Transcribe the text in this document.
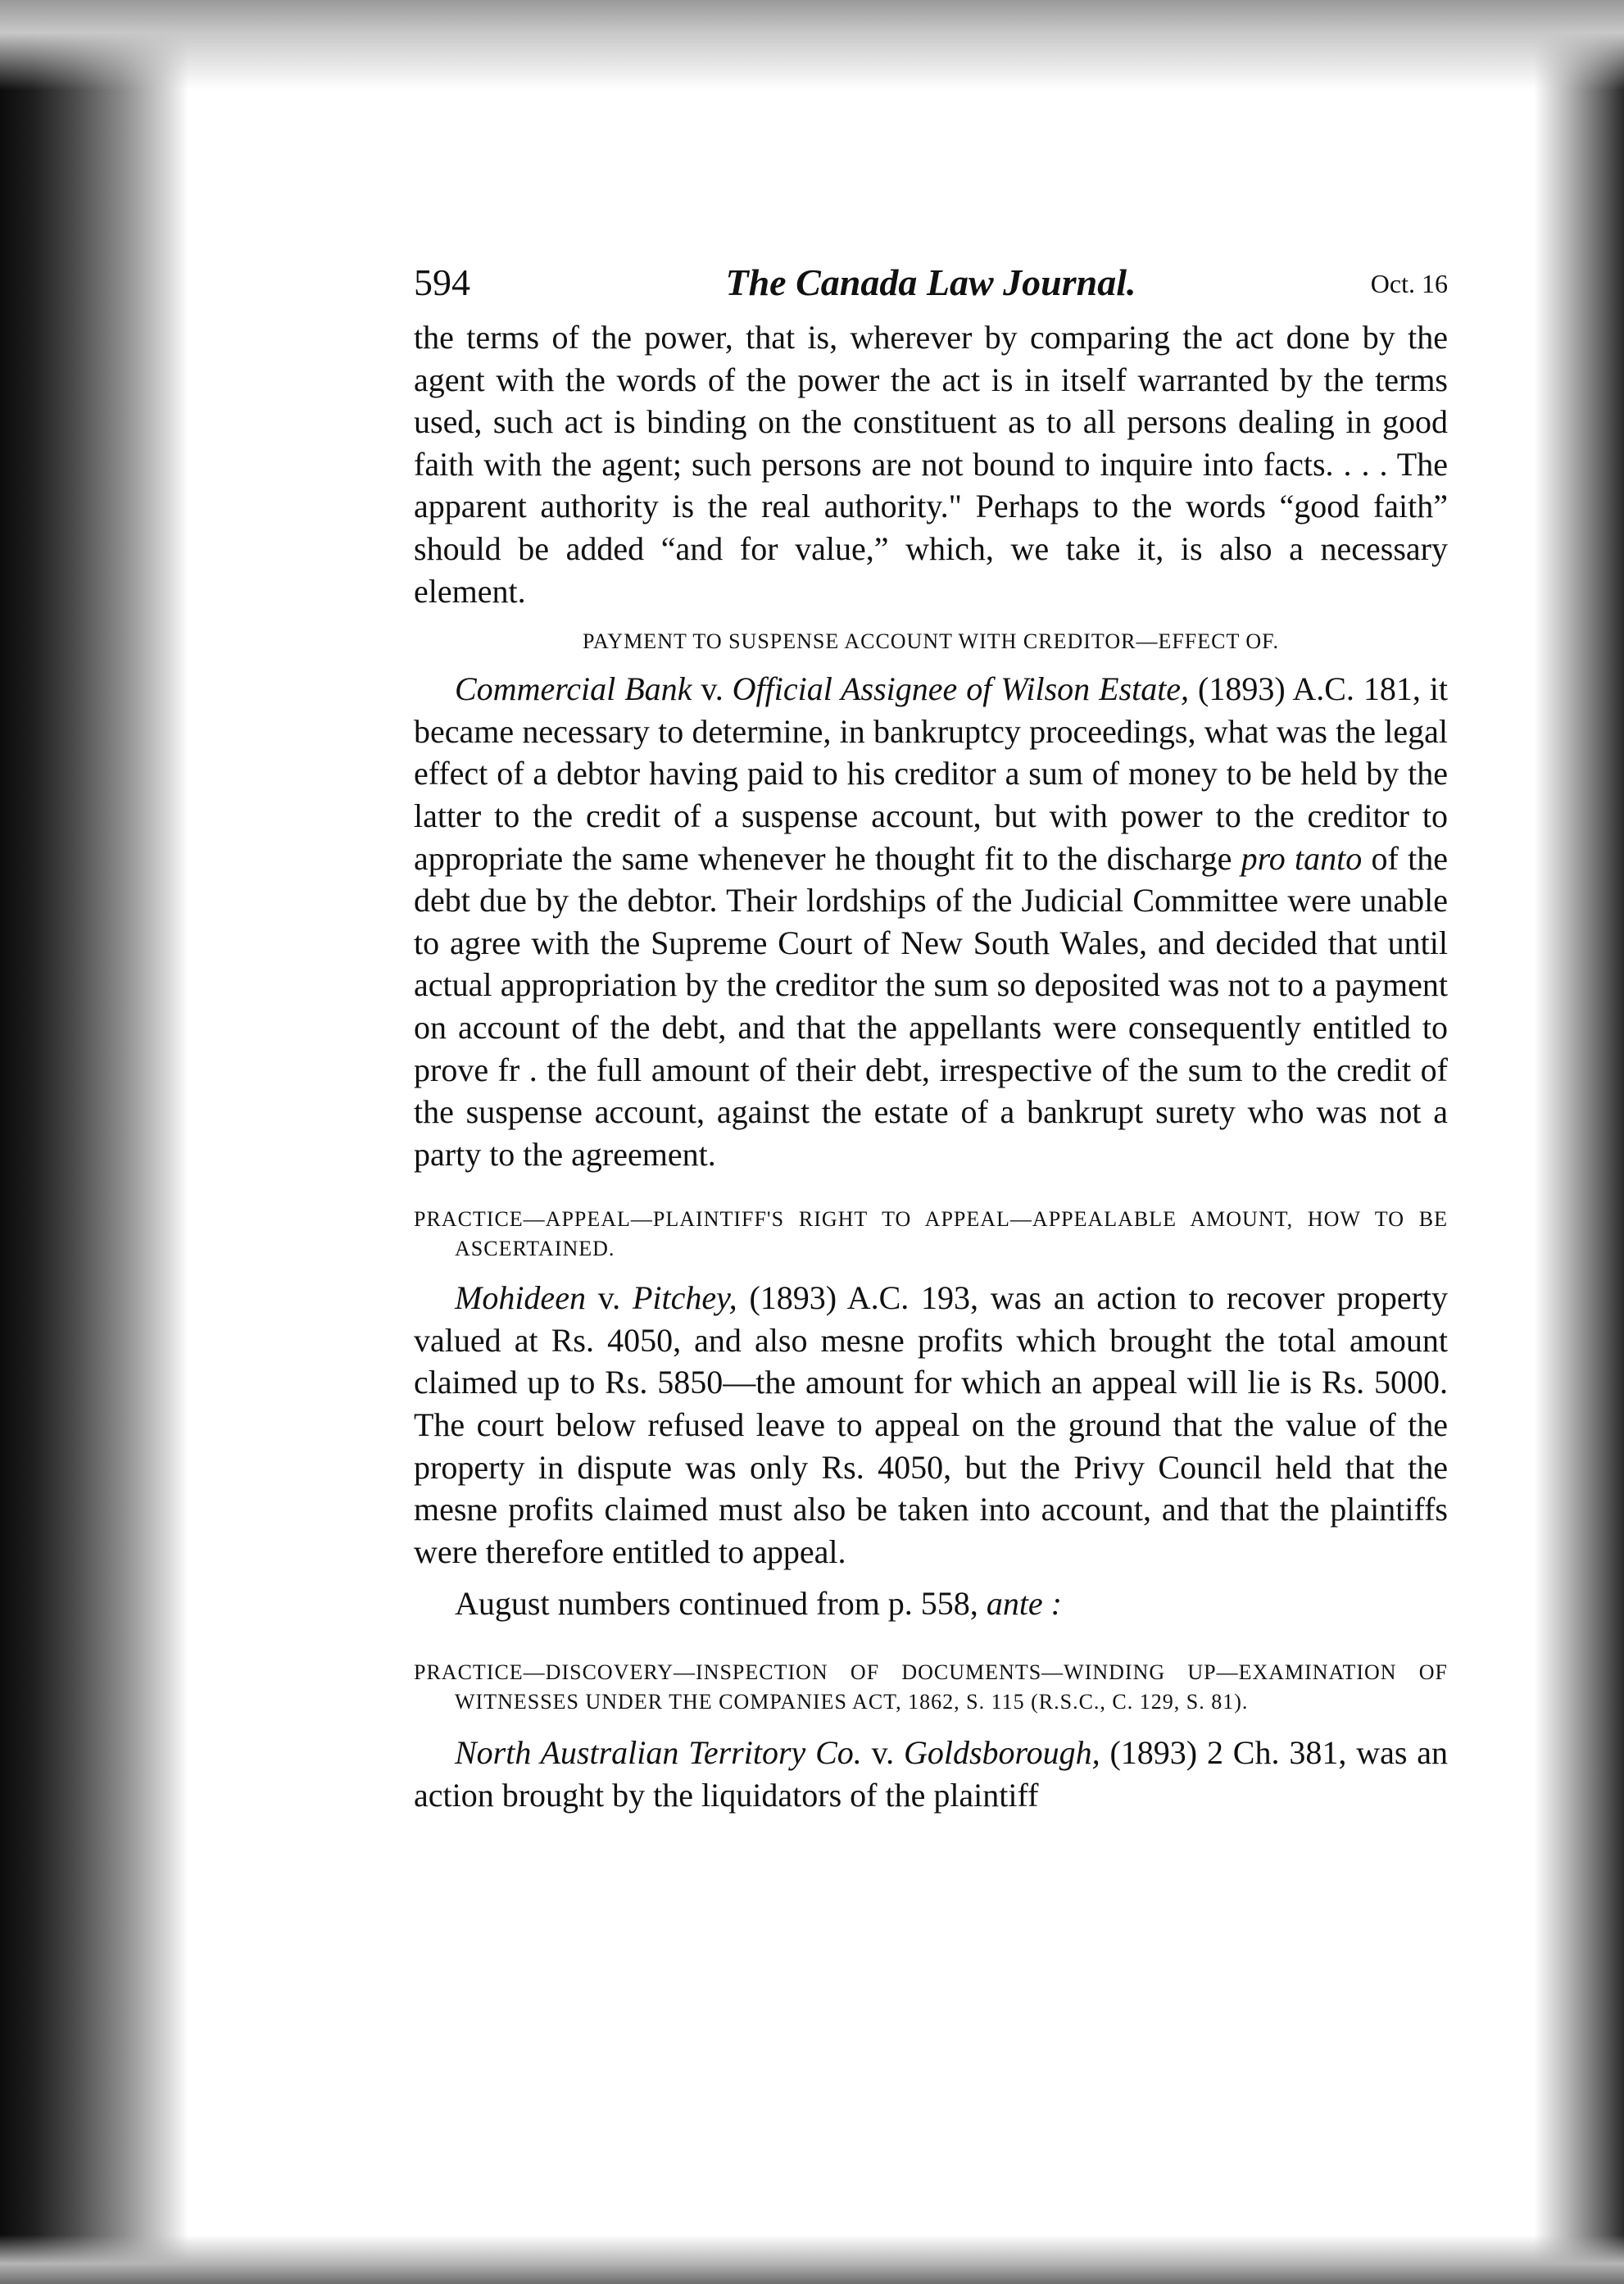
594	The Canada Law Journal.	Oct. 16

the terms of the power, that is, wherever by comparing the act done by the agent with the words of the power the act is in itself warranted by the terms used, such act is binding on the constituent as to all persons dealing in good faith with the agent; such persons are not bound to inquire into facts. . . . The apparent authority is the real authority." Perhaps to the words “good faith” should be added “and for value,” which, we take it, is also a necessary element.

PAYMENT TO SUSPENSE ACCOUNT WITH CREDITOR—EFFECT OF.

Commercial Bank v. Official Assignee of Wilson Estate, (1893) A.C. 181, it became necessary to determine, in bankruptcy proceedings, what was the legal effect of a debtor having paid to his creditor a sum of money to be held by the latter to the credit of a suspense account, but with power to the creditor to appropriate the same whenever he thought fit to the discharge pro tanto of the debt due by the debtor. Their lordships of the Judicial Committee were unable to agree with the Supreme Court of New South Wales, and decided that until actual appropriation by the creditor the sum so deposited was not to a payment on account of the debt, and that the appellants were consequently entitled to prove fr . the full amount of their debt, irrespective of the sum to the credit of the suspense account, against the estate of a bankrupt surety who was not a party to the agreement.

PRACTICE—APPEAL—PLAINTIFF'S RIGHT TO APPEAL—APPEALABLE AMOUNT, HOW TO BE ASCERTAINED.

Mohideen v. Pitchey, (1893) A.C. 193, was an action to recover property valued at Rs. 4050, and also mesne profits which brought the total amount claimed up to Rs. 5850—the amount for which an appeal will lie is Rs. 5000. The court below refused leave to appeal on the ground that the value of the property in dispute was only Rs. 4050, but the Privy Council held that the mesne profits claimed must also be taken into account, and that the plaintiffs were therefore entitled to appeal.

August numbers continued from p. 558, ante :

PRACTICE—DISCOVERY—INSPECTION OF DOCUMENTS—WINDING UP—EXAMINATION OF WITNESSES UNDER THE COMPANIES ACT, 1862, S. 115 (R.S.C., C. 129, S. 81).

North Australian Territory Co. v. Goldsborough, (1893) 2 Ch. 381, was an action brought by the liquidators of the plaintiff
